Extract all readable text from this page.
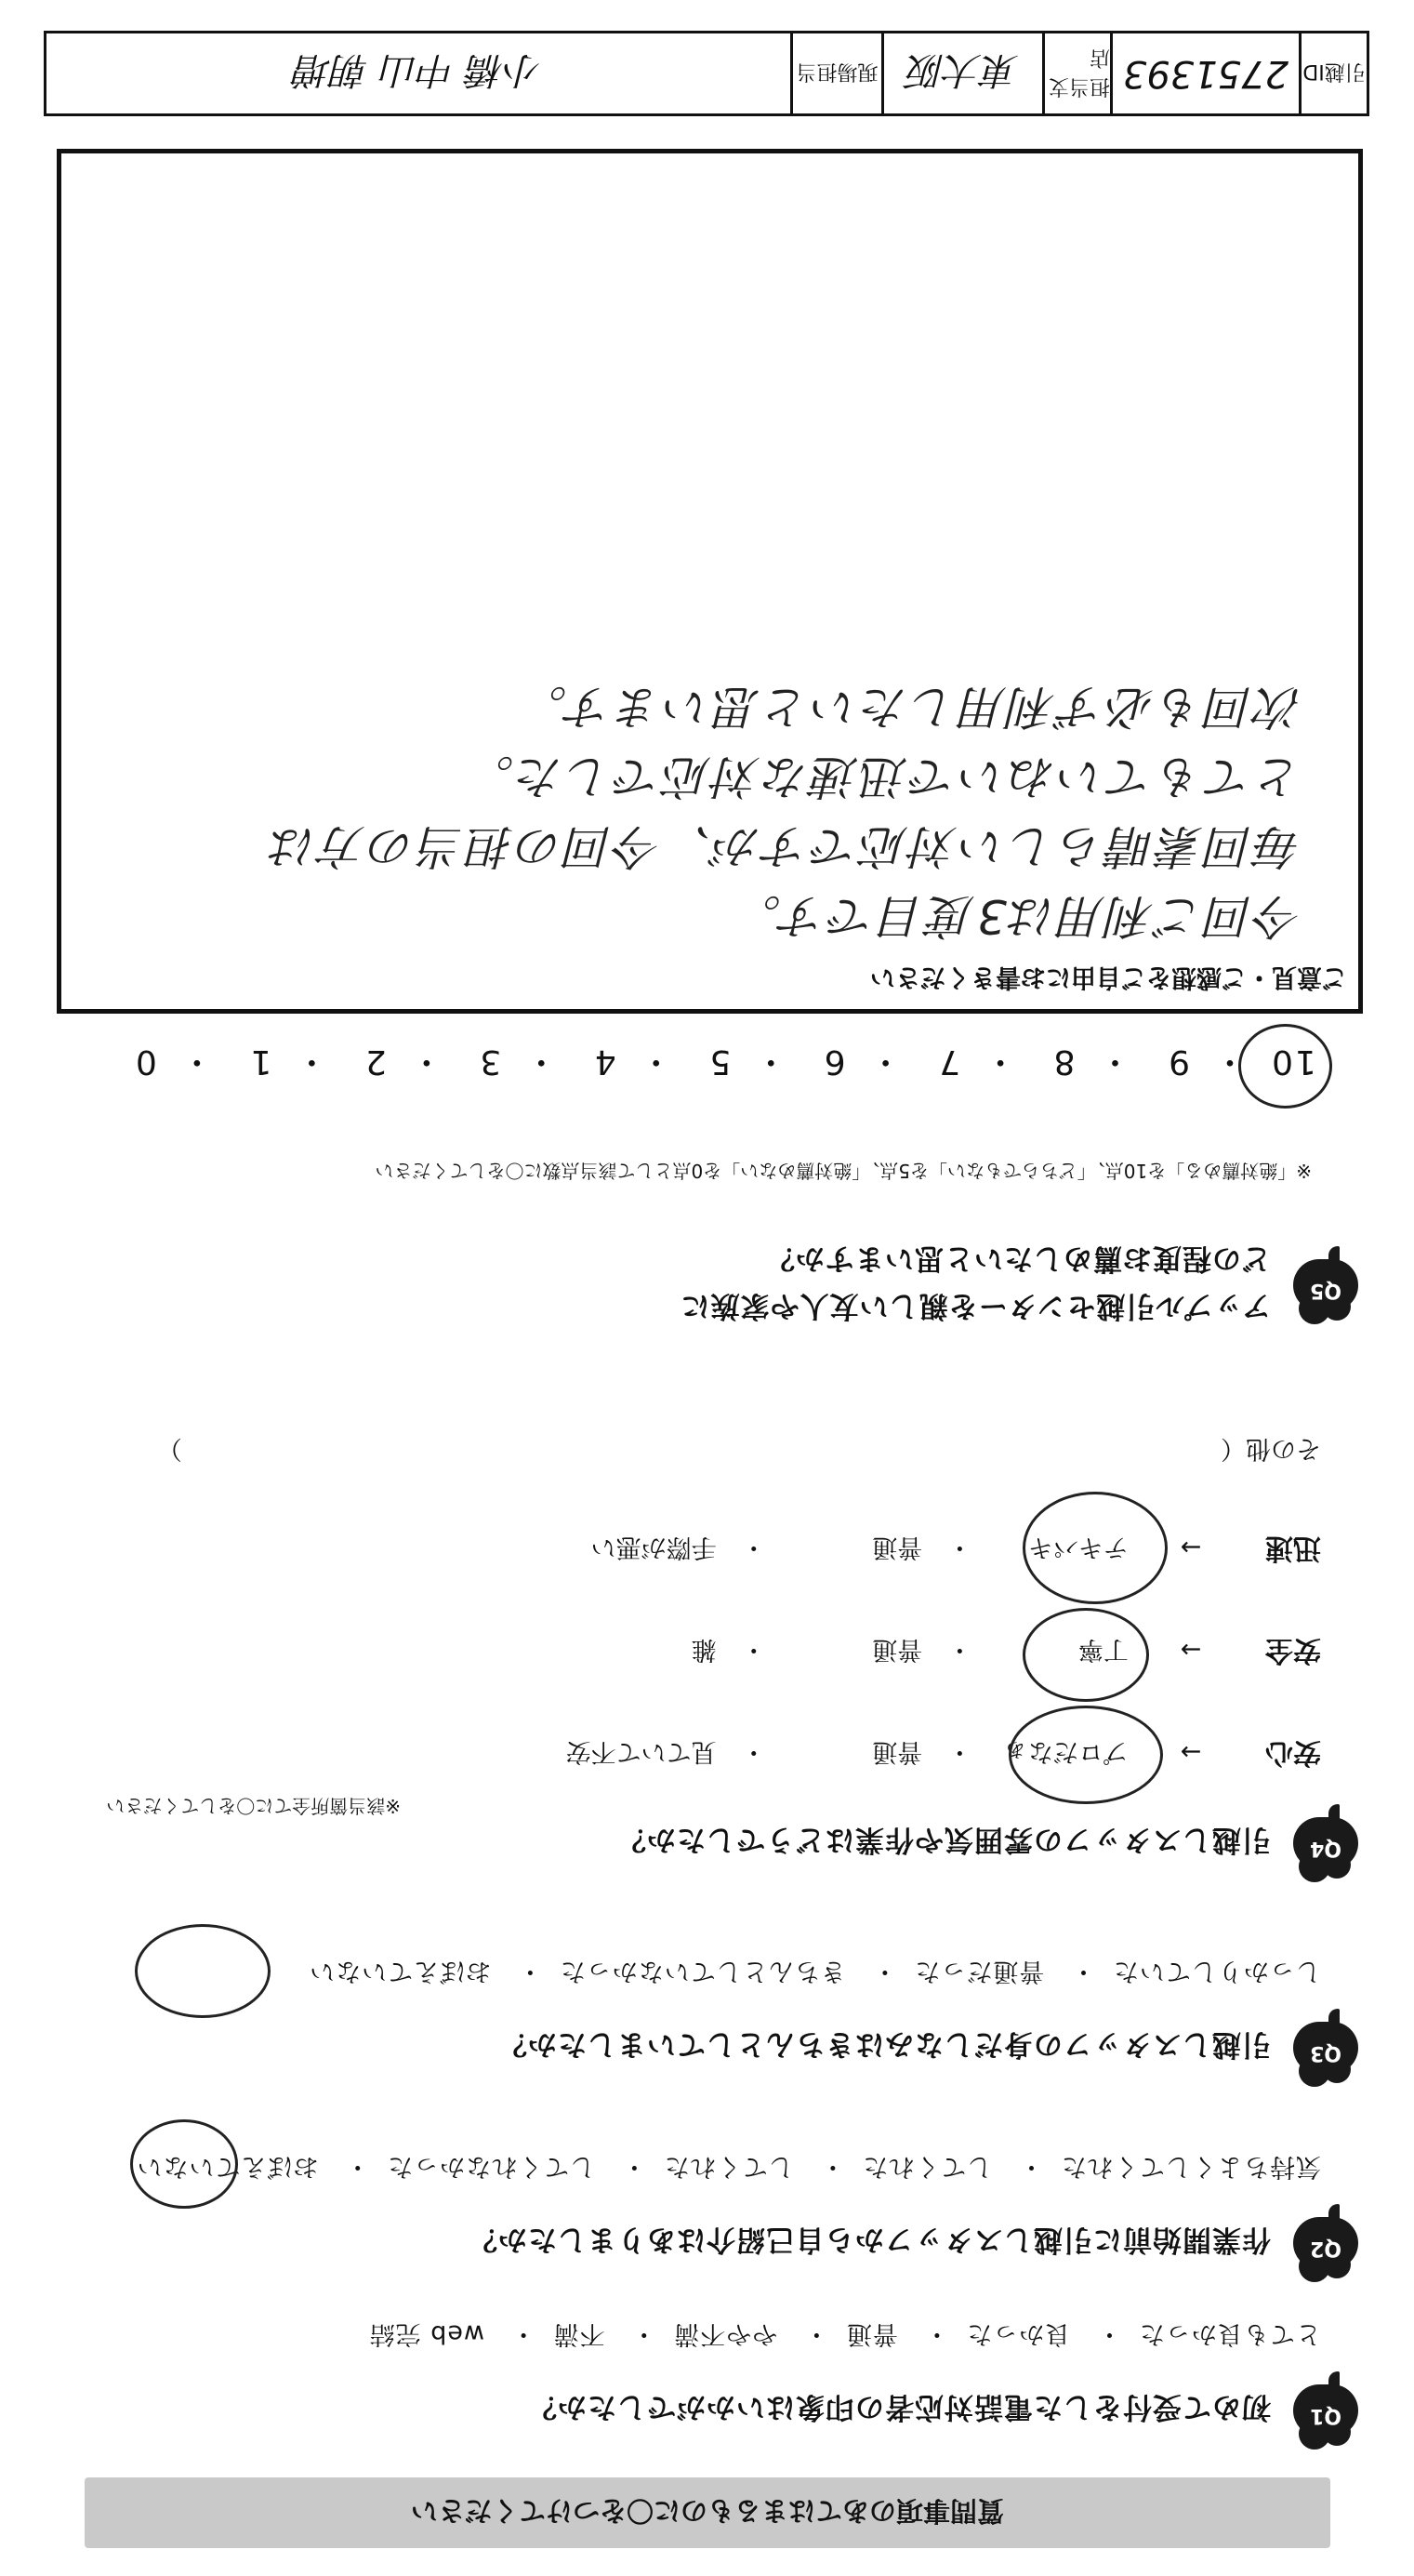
質問事項のあてはまるものに〇をつけてください
Q1
初めて受付をした電話対応者の印象はいかがでしたか？
とても良かった・ 良かった・ 普通・ やや不満・ 不満・ web 完結
Q2
作業開始前に引越しスタッフから自己紹介はありましたか？
気持ちよくしてくれた・ してくれた・ してくれた・ してくれなかった・ おぼえていない
Q3
引越しスタッフの身だしなみはきちんとしていましたか？
しっかりしていた・ 普通だった・ きちんとしていなかった・ おぼえていない
Q4
引越しスタッフの雰囲気や作業はどうでしたか？
※該当箇所全てに〇をしてください
安心 → プロだなぁ・ 普通・ 見ていて不安
安全 → 丁寧・ 普通・ 雑
迅速 → テキパキ・ 普通・ 手際が悪い
その他（  ）
Q5
アップル引越センターを親しい友人や家族に
どの程度お薦めしたいと思いますか？
※「絶対薦める」を10点、「どちらでもない」を5点、「絶対薦めない」を0点として該当点数に〇をしてください
10・ 9・ 8・ 7・ 6・ 5・ 4・ 3・ 2・ 1・ 0
ご意見・ご感想をご自由にお書きください
今回ご利用は3度目です。
毎回素晴らしい対応ですが、今回の担当の方は
とてもていねいで迅速な対応でした。
次回も必ず利用したいと思います。
引越ID
2751393
担当支店
東大阪
現場担当
小橋 中山 朝増
